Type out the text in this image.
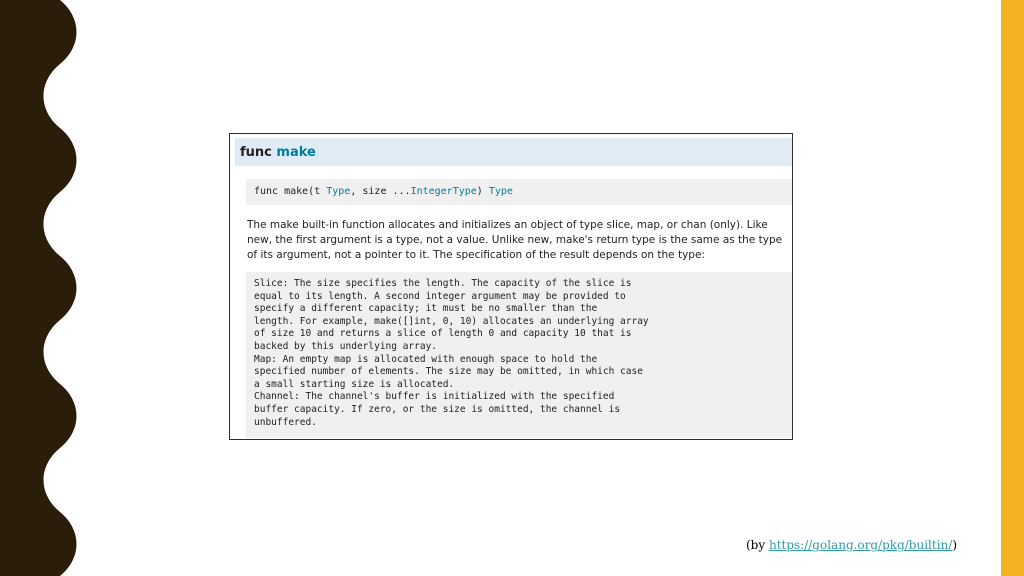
func make
func make(t Type, size ...IntegerType) Type

The make built-in function allocates and initializes an object of type slice, map, or chan (only). Like new, the first argument is a type, not a value. Unlike new, make's return type is the same as the type of its argument, not a pointer to it. The specification of the result depends on the type:

Slice: The size specifies the length. The capacity of the slice is
equal to its length. A second integer argument may be provided to
specify a different capacity; it must be no smaller than the
length. For example, make([]int, 0, 10) allocates an underlying array
of size 10 and returns a slice of length 0 and capacity 10 that is
backed by this underlying array.
Map: An empty map is allocated with enough space to hold the
specified number of elements. The size may be omitted, in which case
a small starting size is allocated.
Channel: The channel's buffer is initialized with the specified
buffer capacity. If zero, or the size is omitted, the channel is
unbuffered.
(by https://golang.org/pkg/builtin/)
